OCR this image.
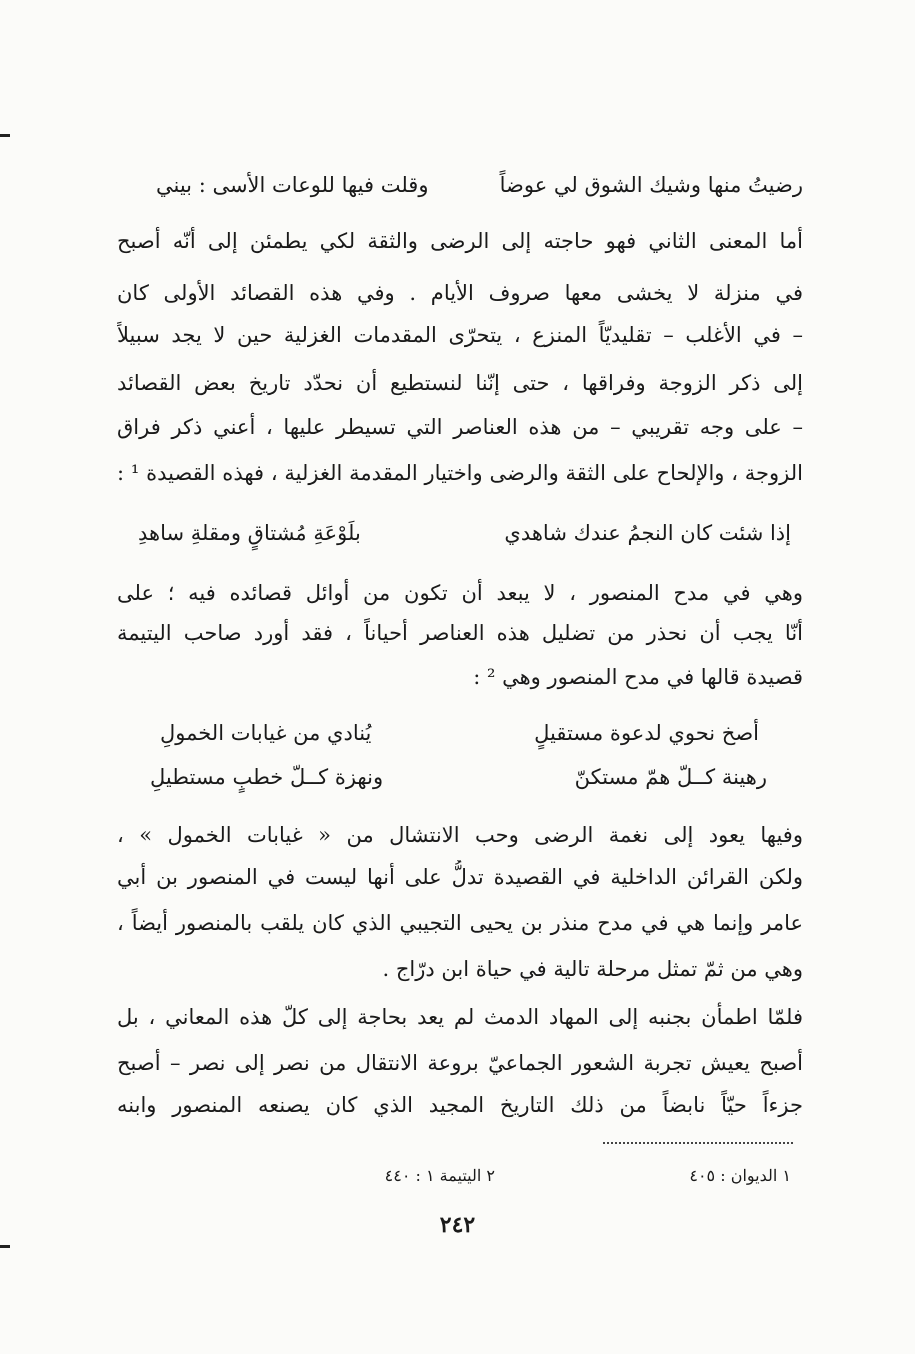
رضيتُ منها وشيك الشوق لي عوضاً
وقلت فيها للوعات الأسى : بيني
أما المعنى الثاني فهو حاجته إلى الرضى والثقة لكي يطمئن إلى أنّه أصبح
في منزلة لا يخشى معها صروف الأيام . وفي هذه القصائد الأولى كان
– في الأغلب – تقليديّاً المنزع ، يتحرّى المقدمات الغزلية حين لا يجد سبيلاً
إلى ذكر الزوجة وفراقها ، حتى إنّنا لنستطيع أن نحدّد تاريخ بعض القصائد
– على وجه تقريبي – من هذه العناصر التي تسيطر عليها ، أعني ذكر فراق
الزوجة ، والإلحاح على الثقة والرضى واختيار المقدمة الغزلية ، فهذه القصيدة ¹ :
إذا شئت كان النجمُ عندك شاهدي
بلَوْعَةِ مُشتاقٍ ومقلةِ ساهدِ
وهي في مدح المنصور ، لا يبعد أن تكون من أوائل قصائده فيه ؛ على
أنّا يجب أن نحذر من تضليل هذه العناصر أحياناً ، فقد أورد صاحب اليتيمة
قصيدة قالها في مدح المنصور وهي ² :
أصخ نحوي لدعوة مستقيلٍ
يُنادي من غيابات الخمولِ
رهينة كــلّ همّ مستكنّ
ونهزة كــلّ خطبٍ مستطيلِ
وفيها يعود إلى نغمة الرضى وحب الانتشال من « غيابات الخمول » ،
ولكن القرائن الداخلية في القصيدة تدلُّ على أنها ليست في المنصور بن أبي
عامر وإنما هي في مدح منذر بن يحيى التجيبي الذي كان يلقب بالمنصور أيضاً ،
وهي من ثمّ تمثل مرحلة تالية في حياة ابن درّاج .
فلمّا اطمأن بجنبه إلى المهاد الدمث لم يعد بحاجة إلى كلّ هذه المعاني ، بل
أصبح يعيش تجربة الشعور الجماعيّ بروعة الانتقال من نصر إلى نصر – أصبح
جزءاً حيّاً نابضاً من ذلك التاريخ المجيد الذي كان يصنعه المنصور وابنه
١ الديوان : ٤٠٥
٢ اليتيمة ١ : ٤٤٠
٢٤٢
